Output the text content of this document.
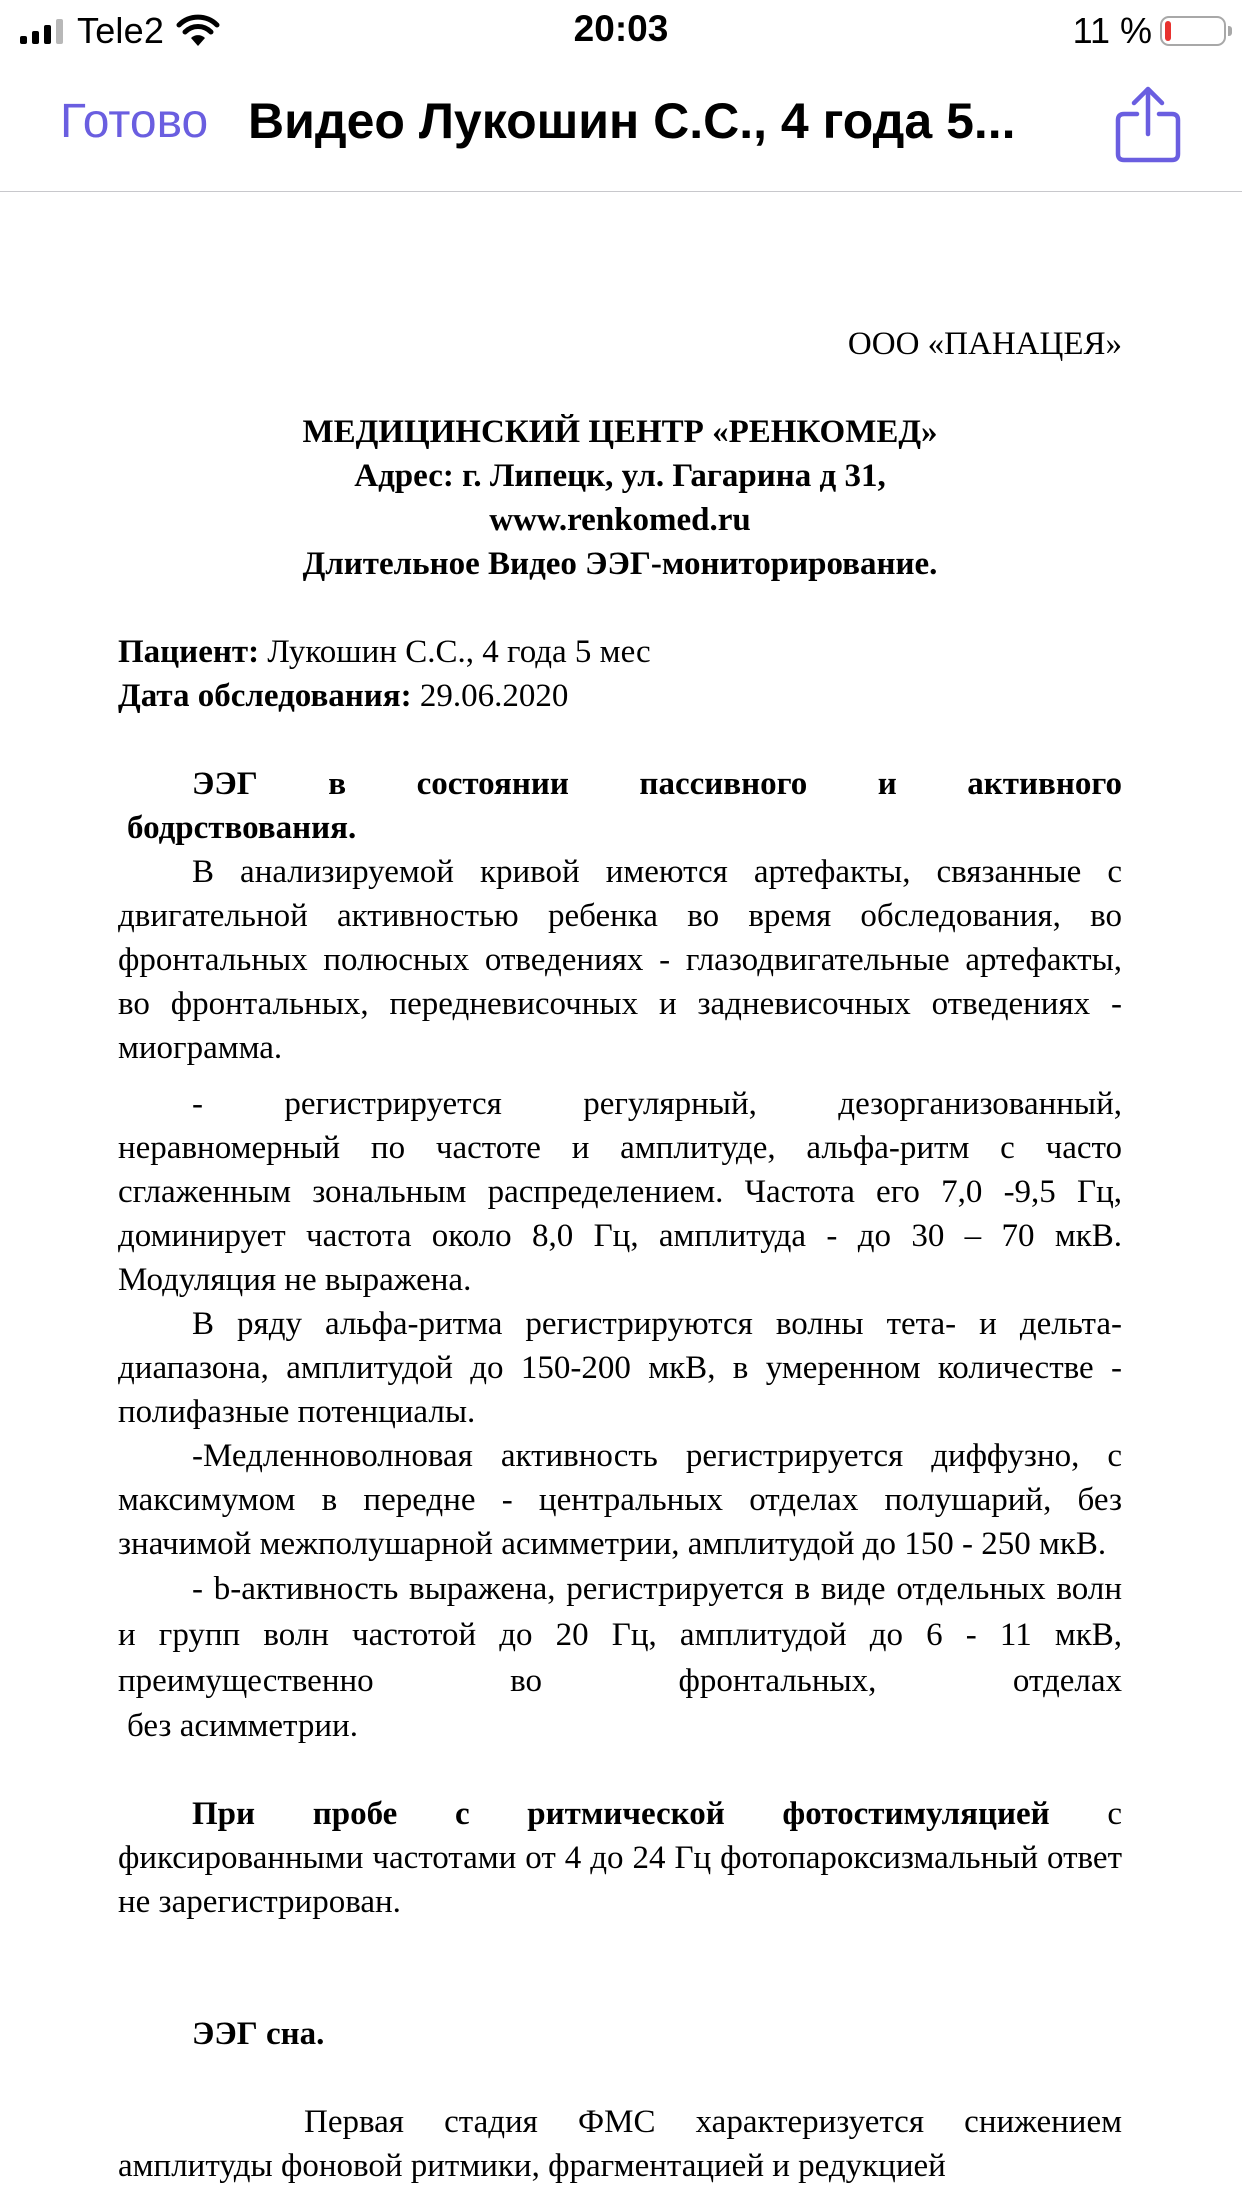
Tele2	20:03	11 %
Готово Видео Лукошин С.С., 4 года 5...

ООО «ПАНАЦЕЯ»

МЕДИЦИНСКИЙ ЦЕНТР «РЕНКОМЕД»

Адрес: г. Липецк, ул. Гагарина д 31,

www.renkomed.ru

Длительное Видео ЭЭГ-мониторирование.

Пациент: Лукошин С.С., 4 года 5 мес

Дата обследования: 29.06.2020

ЭЭГ в состоянии пассивного и активного

бодрствования.

В анализируемой кривой имеются артефакты, связанные с двигательной активностью ребенка во время обследования, во фронтальных полюсных отведениях - глазодвигательные артефакты, во фронтальных, передневисочных и задневисочных отведениях - миограмма.

- регистрируется регулярный, дезорганизованный, неравномерный по частоте и амплитуде, альфа-ритм с часто сглаженным зональным распределением. Частота его 7,0 -9,5 Гц, доминирует частота около 8,0 Гц, амплитуда - до 30 – 70 мкВ. Модуляция не выражена.

В ряду альфа-ритма регистрируются волны тета- и дельта-диапазона, амплитудой до 150-200 мкВ, в умеренном количестве - полифазные потенциалы.

-Медленноволновая активность регистрируется диффузно, с максимумом в передне - центральных отделах полушарий, без значимой межполушарной асимметрии, амплитудой до 150 - 250 мкВ.

- b-активность выражена, регистрируется в виде отдельных волн и групп волн частотой до 20 Гц, амплитудой до 6 - 11 мкВ, преимущественно во фронтальных, отделах

без асимметрии.

При пробе с ритмической фотостимуляцией с фиксированными частотами от 4 до 24 Гц фотопароксизмальный ответ не зарегистрирован.

ЭЭГ сна.

Первая стадия ФМС характеризуется снижением амплитуды фоновой ритмики, фрагментацией и редукцией
